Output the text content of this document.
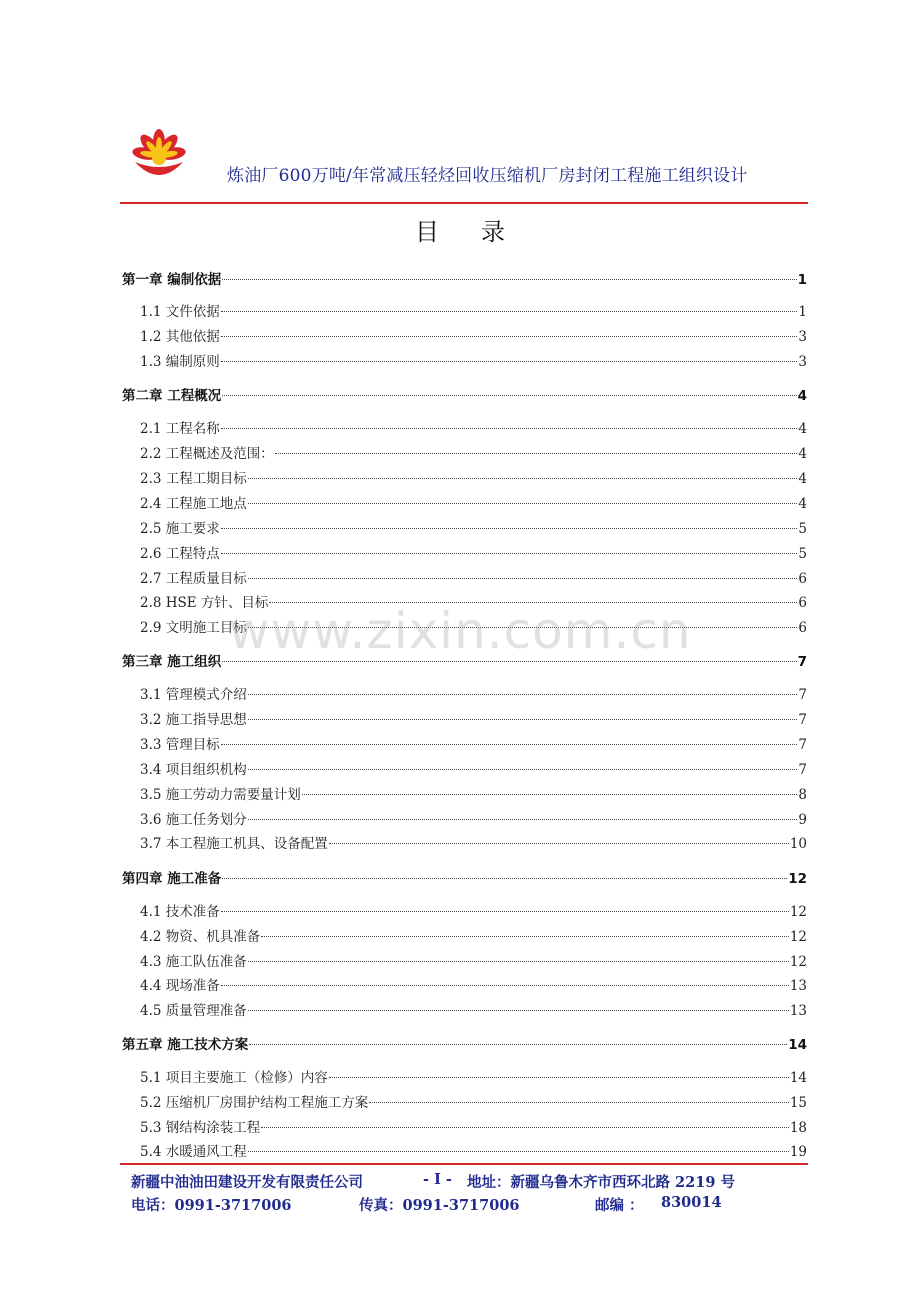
炼油厂600万吨/年常减压轻烃回收压缩机厂房封闭工程施工组织设计
目录
第一章 编制依据	1
1.1 文件依据	1
1.2 其他依据	3
1.3 编制原则	3
第二章 工程概况	4
2.1 工程名称	4
2.2 工程概述及范围：	4
2.3 工程工期目标	4
2.4 工程施工地点	4
2.5 施工要求	5
2.6 工程特点	5
2.7 工程质量目标	6
2.8 HSE 方针、目标	6
2.9 文明施工目标	6
第三章 施工组织	7
3.1 管理模式介绍	7
3.2 施工指导思想	7
3.3 管理目标	7
3.4 项目组织机构	7
3.5 施工劳动力需要量计划	8
3.6 施工任务划分	9
3.7 本工程施工机具、设备配置	10
第四章 施工准备	12
4.1 技术准备	12
4.2 物资、机具准备	12
4.3 施工队伍准备	12
4.4 现场准备	13
4.5 质量管理准备	13
第五章 施工技术方案	14
5.1 项目主要施工（检修）内容	14
5.2 压缩机厂房围护结构工程施工方案	15
5.3 钢结构涂装工程	18
5.4 水暖通风工程	19
www.zixin.com.cn
新疆中油油田建设开发有限责任公司	- I - 地址：新疆乌鲁木齐市西环北路 2219 号
电话：0991-3717006	传真：0991-3717006	邮编 ： 830014
